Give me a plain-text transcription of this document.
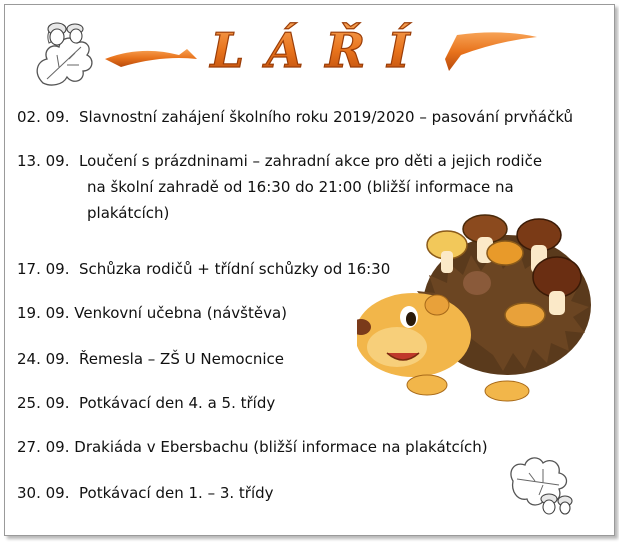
LÁŘÍ
02. 09. Slavnostní zahájení školního roku 2019/2020 – pasování prvňáčků
13. 09. Loučení s prázdninami – zahradní akce pro děti a jejich rodiče
na školní zahradě od 16:30 do 21:00 (bližší informace na
plakátcích)
17. 09. Schůzka rodičů + třídní schůzky od 16:30
19. 09. Venkovní učebna (návštěva)
24. 09. Řemesla – ZŠ U Nemocnice
25. 09. Potkávací den 4. a 5. třídy
27. 09. Drakiáda v Ebersbachu (bližší informace na plakátcích)
30. 09. Potkávací den 1. – 3. třídy
